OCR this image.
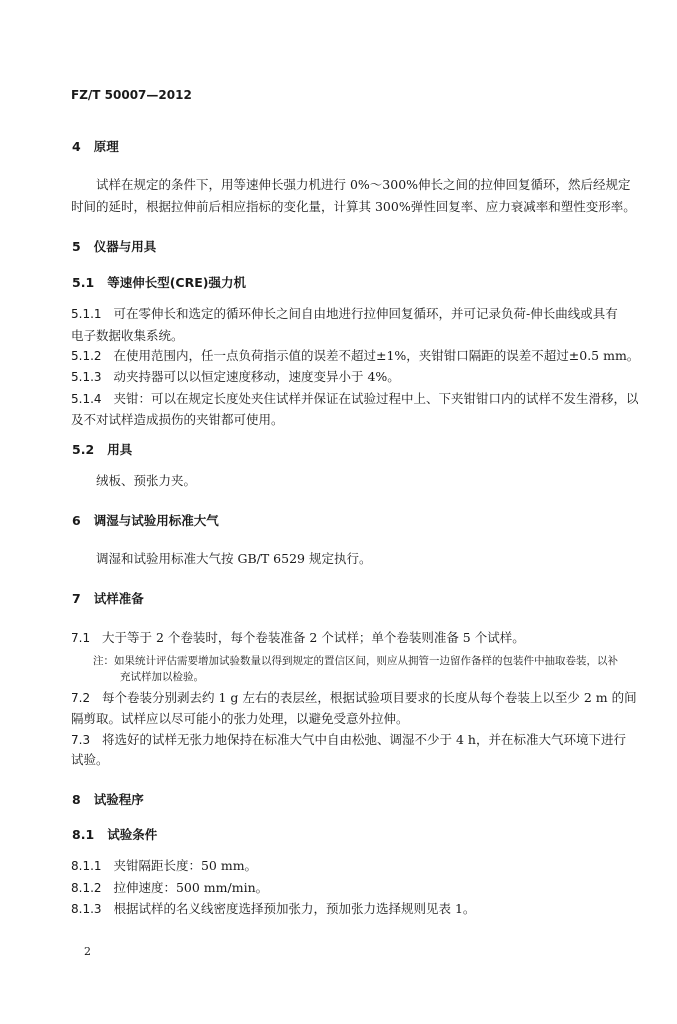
FZ/T 50007—2012
4 原理
试样在规定的条件下，用等速伸长强力机进行 0%～300%伸长之间的拉伸回复循环，然后经规定
时间的延时，根据拉伸前后相应指标的变化量，计算其 300%弹性回复率、应力衰减率和塑性变形率。
5 仪器与用具
5.1 等速伸长型(CRE)强力机
5.1.1 可在零伸长和选定的循环伸长之间自由地进行拉伸回复循环，并可记录负荷-伸长曲线或具有
电子数据收集系统。
5.1.2 在使用范围内，任一点负荷指示值的误差不超过±1%，夹钳钳口隔距的误差不超过±0.5 mm。
5.1.3 动夹持器可以以恒定速度移动，速度变异小于 4%。
5.1.4 夹钳：可以在规定长度处夹住试样并保证在试验过程中上、下夹钳钳口内的试样不发生滑移，以
及不对试样造成损伤的夹钳都可使用。
5.2 用具
绒板、预张力夹。
6 调湿与试验用标准大气
调湿和试验用标准大气按 GB/T 6529 规定执行。
7 试样准备
7.1 大于等于 2 个卷装时，每个卷装准备 2 个试样；单个卷装则准备 5 个试样。
注：如果统计评估需要增加试验数量以得到规定的置信区间，则应从拥管一边留作备样的包装件中抽取卷装，以补
充试样加以检验。
7.2 每个卷装分别剥去约 1 g 左右的表层丝，根据试验项目要求的长度从每个卷装上以至少 2 m 的间
隔剪取。试样应以尽可能小的张力处理，以避免受意外拉伸。
7.3 将选好的试样无张力地保持在标准大气中自由松弛、调湿不少于 4 h，并在标准大气环境下进行
试验。
8 试验程序
8.1 试验条件
8.1.1 夹钳隔距长度：50 mm。
8.1.2 拉伸速度：500 mm/min。
8.1.3 根据试样的名义线密度选择预加张力，预加张力选择规则见表 1。
2
